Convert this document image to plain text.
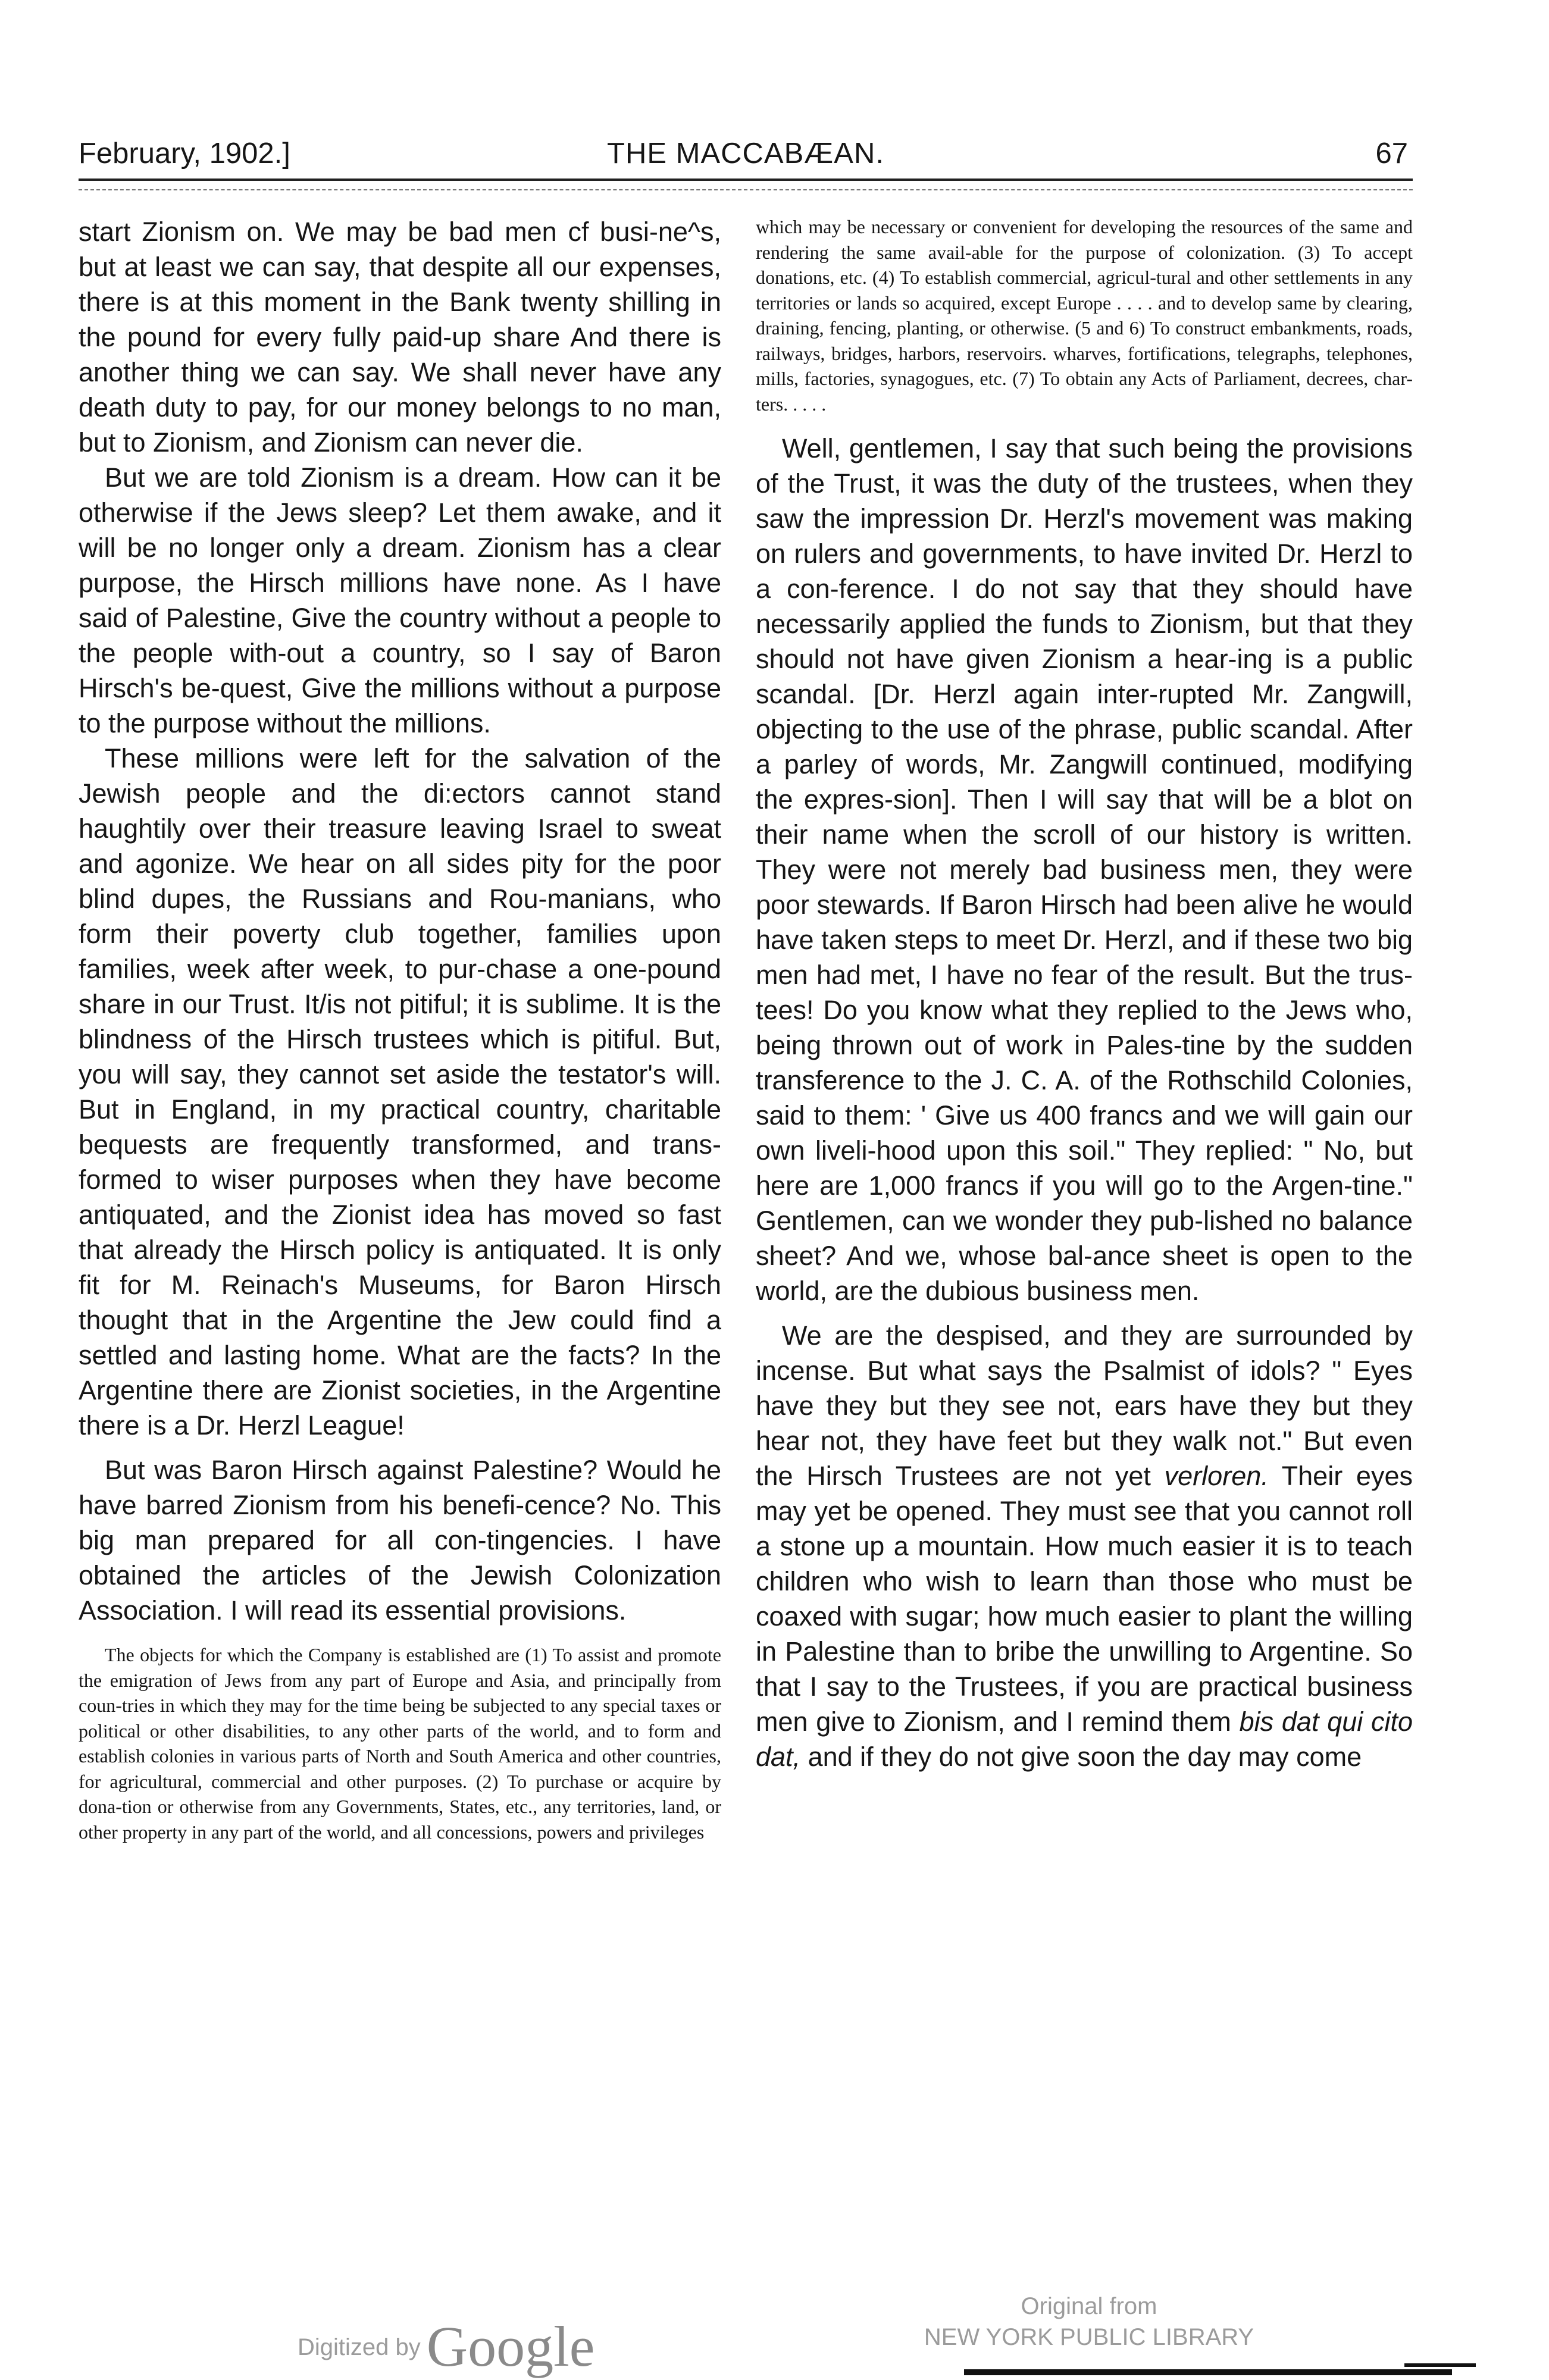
February, 1902.]	THE MACCABÆAN.	67

start Zionism on. We may be bad men cf busi-ne^s, but at least we can say, that despite all our expenses, there is at this moment in the Bank twenty shilling in the pound for every fully paid-up share And there is another thing we can say. We shall never have any death duty to pay, for our money belongs to no man, but to Zionism, and Zionism can never die.

But we are told Zionism is a dream. How can it be otherwise if the Jews sleep? Let them awake, and it will be no longer only a dream. Zionism has a clear purpose, the Hirsch millions have none. As I have said of Palestine, Give the country without a people to the people with-out a country, so I say of Baron Hirsch's be-quest, Give the millions without a purpose to the purpose without the millions.

These millions were left for the salvation of the Jewish people and the di:ectors cannot stand haughtily over their treasure leaving Israel to sweat and agonize. We hear on all sides pity for the poor blind dupes, the Russians and Rou-manians, who form their poverty club together, families upon families, week after week, to pur-chase a one-pound share in our Trust. It/is not pitiful; it is sublime. It is the blindness of the Hirsch trustees which is pitiful. But, you will say, they cannot set aside the testator's will. But in England, in my practical country, charitable bequests are frequently transformed, and trans-formed to wiser purposes when they have become antiquated, and the Zionist idea has moved so fast that already the Hirsch policy is antiquated. It is only fit for M. Reinach's Museums, for Baron Hirsch thought that in the Argentine the Jew could find a settled and lasting home. What are the facts? In the Argentine there are Zionist societies, in the Argentine there is a Dr. Herzl League!

But was Baron Hirsch against Palestine? Would he have barred Zionism from his benefi-cence? No. This big man prepared for all con-tingencies. I have obtained the articles of the Jewish Colonization Association. I will read its essential provisions.

The objects for which the Company is established are (1) To assist and promote the emigration of Jews from any part of Europe and Asia, and principally from coun-tries in which they may for the time being be subjected to any special taxes or political or other disabilities, to any other parts of the world, and to form and establish colonies in various parts of North and South America and other countries, for agricultural, commercial and other purposes. (2) To purchase or acquire by dona-tion or otherwise from any Governments, States, etc., any territories, land, or other property in any part of the world, and all concessions, powers and privileges

which may be necessary or convenient for developing the resources of the same and rendering the same avail-able for the purpose of colonization. (3) To accept donations, etc. (4) To establish commercial, agricul-tural and other settlements in any territories or lands so acquired, except Europe . . . . and to develop same by clearing, draining, fencing, planting, or otherwise. (5 and 6) To construct embankments, roads, railways, bridges, harbors, reservoirs. wharves, fortifications, telegraphs, telephones, mills, factories, synagogues, etc. (7) To obtain any Acts of Parliament, decrees, char-ters. . . . .

Well, gentlemen, I say that such being the provisions of the Trust, it was the duty of the trustees, when they saw the impression Dr. Herzl's movement was making on rulers and governments, to have invited Dr. Herzl to a con-ference. I do not say that they should have necessarily applied the funds to Zionism, but that they should not have given Zionism a hear-ing is a public scandal. [Dr. Herzl again inter-rupted Mr. Zangwill, objecting to the use of the phrase, public scandal. After a parley of words, Mr. Zangwill continued, modifying the expres-sion]. Then I will say that will be a blot on their name when the scroll of our history is written. They were not merely bad business men, they were poor stewards. If Baron Hirsch had been alive he would have taken steps to meet Dr. Herzl, and if these two big men had met, I have no fear of the result. But the trus-tees! Do you know what they replied to the Jews who, being thrown out of work in Pales-tine by the sudden transference to the J. C. A. of the Rothschild Colonies, said to them: ' Give us 400 francs and we will gain our own liveli-hood upon this soil." They replied: " No, but here are 1,000 francs if you will go to the Argen-tine." Gentlemen, can we wonder they pub-lished no balance sheet? And we, whose bal-ance sheet is open to the world, are the dubious business men.

We are the despised, and they are surrounded by incense. But what says the Psalmist of idols? " Eyes have they but they see not, ears have they but they hear not, they have feet but they walk not." But even the Hirsch Trustees are not yet verloren. Their eyes may yet be opened. They must see that you cannot roll a stone up a mountain. How much easier it is to teach children who wish to learn than those who must be coaxed with sugar; how much easier to plant the willing in Palestine than to bribe the unwilling to Argentine. So that I say to the Trustees, if you are practical business men give to Zionism, and I remind them bis dat qui cito dat, and if they do not give soon the day may come

Digitized by Google
Original from
NEW YORK PUBLIC LIBRARY
